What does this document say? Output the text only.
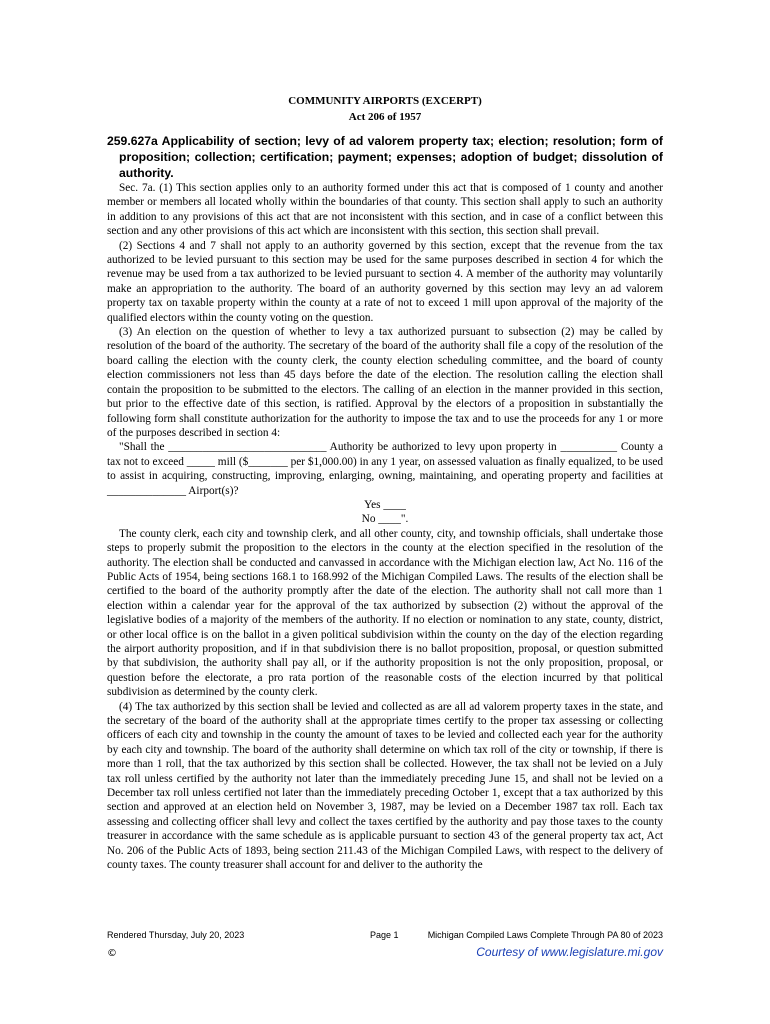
COMMUNITY AIRPORTS (EXCERPT)
Act 206 of 1957
259.627a Applicability of section; levy of ad valorem property tax; election; resolution; form of proposition; collection; certification; payment; expenses; adoption of budget; dissolution of authority.

Sec. 7a. (1) This section applies only to an authority formed under this act that is composed of 1 county and another member or members all located wholly within the boundaries of that county. This section shall apply to such an authority in addition to any provisions of this act that are not inconsistent with this section, and in case of a conflict between this section and any other provisions of this act which are inconsistent with this section, this section shall prevail.

(2) Sections 4 and 7 shall not apply to an authority governed by this section, except that the revenue from the tax authorized to be levied pursuant to this section may be used for the same purposes described in section 4 for which the revenue may be used from a tax authorized to be levied pursuant to section 4. A member of the authority may voluntarily make an appropriation to the authority. The board of an authority governed by this section may levy an ad valorem property tax on taxable property within the county at a rate of not to exceed 1 mill upon approval of the majority of the qualified electors within the county voting on the question.

(3) An election on the question of whether to levy a tax authorized pursuant to subsection (2) may be called by resolution of the board of the authority. The secretary of the board of the authority shall file a copy of the resolution of the board calling the election with the county clerk, the county election scheduling committee, and the board of county election commissioners not less than 45 days before the date of the election. The resolution calling the election shall contain the proposition to be submitted to the electors. The calling of an election in the manner provided in this section, but prior to the effective date of this section, is ratified. Approval by the electors of a proposition in substantially the following form shall constitute authorization for the authority to impose the tax and to use the proceeds for any 1 or more of the purposes described in section 4:

"Shall the ____________________________ Authority be authorized to levy upon property in __________ County a tax not to exceed _____ mill ($_______ per $1,000.00) in any 1 year, on assessed valuation as finally equalized, to be used to assist in acquiring, constructing, improving, enlarging, owning, maintaining, and operating property and facilities at ______________ Airport(s)?

Yes ____

No ____".

The county clerk, each city and township clerk, and all other county, city, and township officials, shall undertake those steps to properly submit the proposition to the electors in the county at the election specified in the resolution of the authority. The election shall be conducted and canvassed in accordance with the Michigan election law, Act No. 116 of the Public Acts of 1954, being sections 168.1 to 168.992 of the Michigan Compiled Laws. The results of the election shall be certified to the board of the authority promptly after the date of the election. The authority shall not call more than 1 election within a calendar year for the approval of the tax authorized by subsection (2) without the approval of the legislative bodies of a majority of the members of the authority. If no election or nomination to any state, county, district, or other local office is on the ballot in a given political subdivision within the county on the day of the election regarding the airport authority proposition, and if in that subdivision there is no ballot proposition, proposal, or question submitted by that subdivision, the authority shall pay all, or if the authority proposition is not the only proposition, proposal, or question before the electorate, a pro rata portion of the reasonable costs of the election incurred by that political subdivision as determined by the county clerk.

(4) The tax authorized by this section shall be levied and collected as are all ad valorem property taxes in the state, and the secretary of the board of the authority shall at the appropriate times certify to the proper tax assessing or collecting officers of each city and township in the county the amount of taxes to be levied and collected each year for the authority by each city and township. The board of the authority shall determine on which tax roll of the city or township, if there is more than 1 roll, that the tax authorized by this section shall be collected. However, the tax shall not be levied on a July tax roll unless certified by the authority not later than the immediately preceding June 15, and shall not be levied on a December tax roll unless certified not later than the immediately preceding October 1, except that a tax authorized by this section and approved at an election held on November 3, 1987, may be levied on a December 1987 tax roll. Each tax assessing and collecting officer shall levy and collect the taxes certified by the authority and pay those taxes to the county treasurer in accordance with the same schedule as is applicable pursuant to section 43 of the general property tax act, Act No. 206 of the Public Acts of 1893, being section 211.43 of the Michigan Compiled Laws, with respect to the delivery of county taxes. The county treasurer shall account for and deliver to the authority the

Rendered Thursday, July 20, 2023	Page 1	Michigan Compiled Laws Complete Through PA 80 of 2023
©	Courtesy of www.legislature.mi.gov
